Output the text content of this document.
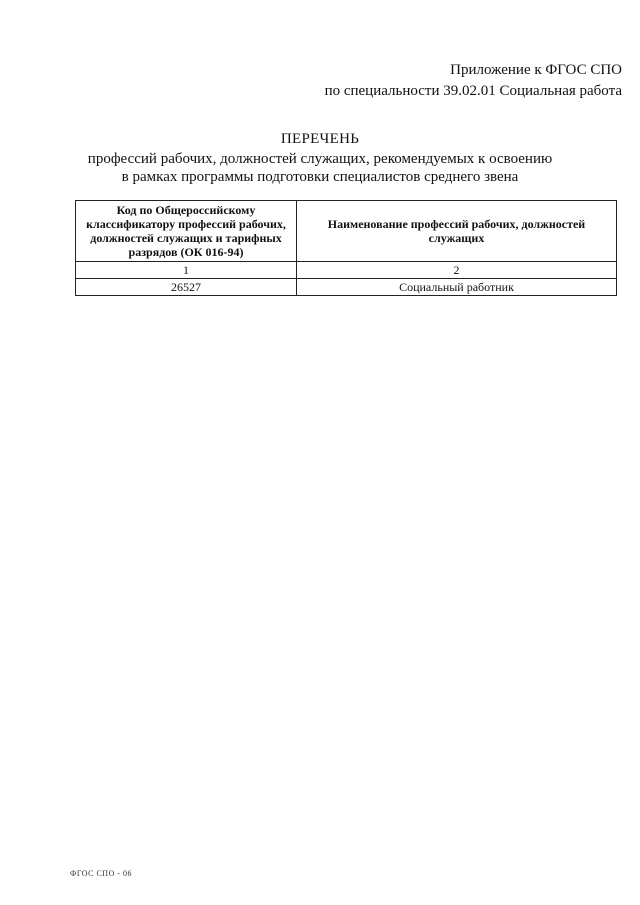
Приложение к ФГОС СПО
по специальности 39.02.01 Социальная работа
ПЕРЕЧЕНЬ
профессий рабочих, должностей служащих, рекомендуемых к освоению
в рамках программы подготовки специалистов среднего звена
Код по Общероссийскому классификатору профессий рабочих, должностей служащих и тарифных разрядов (ОК 016-94)	Наименование профессий рабочих, должностей служащих
1	2
26527	Социальный работник
ФГОС СПО - 06
